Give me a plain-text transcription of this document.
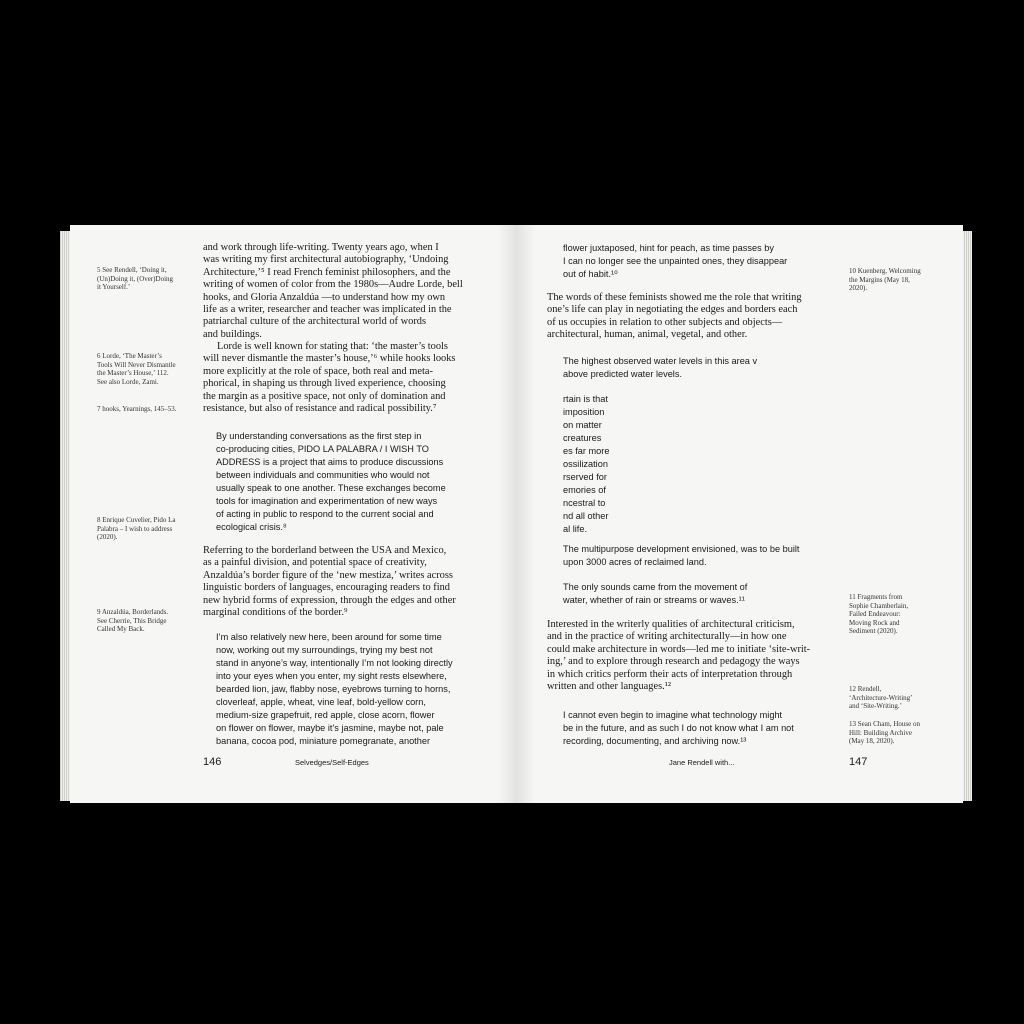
5 See Rendell, ‘Doing it, (Un)Doing it, (Over)Doing it Yourself.’
6 Lorde, ‘The Master’s Tools Will Never Dismantle the Master’s House,’ 112. See also Lorde, Zami.
7 hooks, Yearnings, 145–53.
8 Enrique Cuvelier, Pido La Palabra – I wish to address (2020).
9 Anzaldúa, Borderlands. See Cherrie, This Bridge Called My Back.
and work through life-writing. Twenty years ago, when I
was writing my first architectural autobiography, ‘Undoing
Architecture,’⁵ I read French feminist philosophers, and the
writing of women of color from the 1980s—Audre Lorde, bell
hooks, and Gloria Anzaldúa —to understand how my own
life as a writer, researcher and teacher was implicated in the
patriarchal culture of the architectural world of words
and buildings.
Lorde is well known for stating that: ‘the master’s tools
will never dismantle the master’s house,’⁶ while hooks looks
more explicitly at the role of space, both real and meta-
phorical, in shaping us through lived experience, choosing
the margin as a positive space, not only of domination and
resistance, but also of resistance and radical possibility.⁷
By understanding conversations as the first step in
co-producing cities, PIDO LA PALABRA / I WISH TO
ADDRESS is a project that aims to produce discussions
between individuals and communities who would not
usually speak to one another. These exchanges become
tools for imagination and experimentation of new ways
of acting in public to respond to the current social and
ecological crisis.⁸
Referring to the borderland between the USA and Mexico,
as a painful division, and potential space of creativity,
Anzaldúa’s border figure of the ‘new mestiza,’ writes across
linguistic borders of languages, encouraging readers to find
new hybrid forms of expression, through the edges and other
marginal conditions of the border.⁹
I’m also relatively new here, been around for some time
now, working out my surroundings, trying my best not
stand in anyone’s way, intentionally I’m not looking directly
into your eyes when you enter, my sight rests elsewhere,
bearded lion, jaw, flabby nose, eyebrows turning to horns,
cloverleaf, apple, wheat, vine leaf, bold-yellow corn,
medium-size grapefruit, red apple, close acorn, flower
on flower on flower, maybe it’s jasmine, maybe not, pale
banana, cocoa pod, miniature pomegranate, another
146	Selvedges/Self-Edges
flower juxtaposed, hint for peach, as time passes by
I can no longer see the unpainted ones, they disappear
out of habit.¹⁰
The words of these feminists showed me the role that writing
one’s life can play in negotiating the edges and borders each
of us occupies in relation to other subjects and objects—
architectural, human, animal, vegetal, and other.
The highest observed water levels in this area v
above predicted water levels.
rtain is that
imposition
on matter
creatures
es far more
ossilization
rserved for
emories of
ncestral to
nd all other
al life.
The multipurpose development envisioned, was to be built
upon 3000 acres of reclaimed land.
The only sounds came from the movement of
water, whether of rain or streams or waves.¹¹
Interested in the writerly qualities of architectural criticism,
and in the practice of writing architecturally—in how one
could make architecture in words—led me to initiate ‘site-writ-
ing,’ and to explore through research and pedagogy the ways
in which critics perform their acts of interpretation through
written and other languages.¹²
I cannot even begin to imagine what technology might
be in the future, and as such I do not know what I am not
recording, documenting, and archiving now.¹³
10 Kuenberg, Welcoming the Margins (May 18, 2020).
11 Fragments from Sophie Chamberlain, Failed Endeavour: Moving Rock and Sediment (2020).
12 Rendell, ‘Architecture-Writing’ and ‘Site-Writing.’
13 Sean Cham, House on Hill: Building Archive (May 18, 2020).
Jane Rendell with...	147
